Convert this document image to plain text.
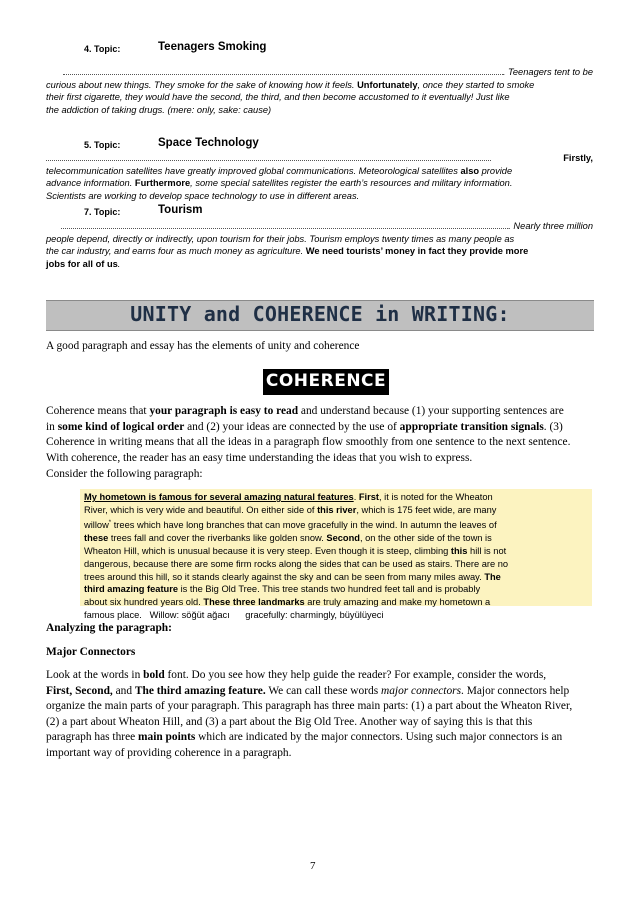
4. Topic:	Teenagers Smoking
. Teenagers tent to be
curious about new things. They smoke for the sake of knowing how it feels. Unfortunately, once they started to smoke
their first cigarette, they would have the second, the third, and then become accustomed to it eventually! Just like
the addiction of taking drugs. (mere: only, sake: cause)
5. Topic:	Space Technology
Firstly,
telecommunication satellites have greatly improved global communications. Meteorological satellites also provide
advance information. Furthermore, some special satellites register the earth’s resources and military information.
Scientists are working to develop space technology to use in different areas.
7. Topic:	Tourism
. Nearly three million
people depend, directly or indirectly, upon tourism for their jobs. Tourism employs twenty times as many people as
the car industry, and earns four as much money as agriculture. We need tourists’ money in fact they provide more
jobs for all of us.
UNITY and COHERENCE in WRITING:
A good paragraph and essay has the elements of unity and coherence
COHERENCE
Coherence means that your paragraph is easy to read and understand because (1) your supporting sentences are
in some kind of logical order and (2) your ideas are connected by the use of appropriate transition signals. (3)
Coherence in writing means that all the ideas in a paragraph flow smoothly from one sentence to the next sentence.
With coherence, the reader has an easy time understanding the ideas that you wish to express.
Consider the following paragraph:
My hometown is famous for several amazing natural features. First, it is noted for the Wheaton
River, which is very wide and beautiful. On either side of this river, which is 175 feet wide, are many
willow* trees which have long branches that can move gracefully in the wind. In autumn the leaves of
these trees fall and cover the riverbanks like golden snow. Second, on the other side of the town is
Wheaton Hill, which is unusual because it is very steep. Even though it is steep, climbing this hill is not
dangerous, because there are some firm rocks along the sides that can be used as stairs. There are no
trees around this hill, so it stands clearly against the sky and can be seen from many miles away. The
third amazing feature is the Big Old Tree. This tree stands two hundred feet tall and is probably
about six hundred years old. These three landmarks are truly amazing and make my hometown a
famous place.   Willow: söğüt ağacı      gracefully: charmingly, büyülüyeci
Analyzing the paragraph:
Major Connectors
Look at the words in bold font. Do you see how they help guide the reader? For example, consider the words,
First, Second, and The third amazing feature. We can call these words major connectors. Major connectors help
organize the main parts of your paragraph. This paragraph has three main parts: (1) a part about the Wheaton River,
(2) a part about Wheaton Hill, and (3) a part about the Big Old Tree. Another way of saying this is that this
paragraph has three main points which are indicated by the major connectors. Using such major connectors is an
important way of providing coherence in a paragraph.
7
